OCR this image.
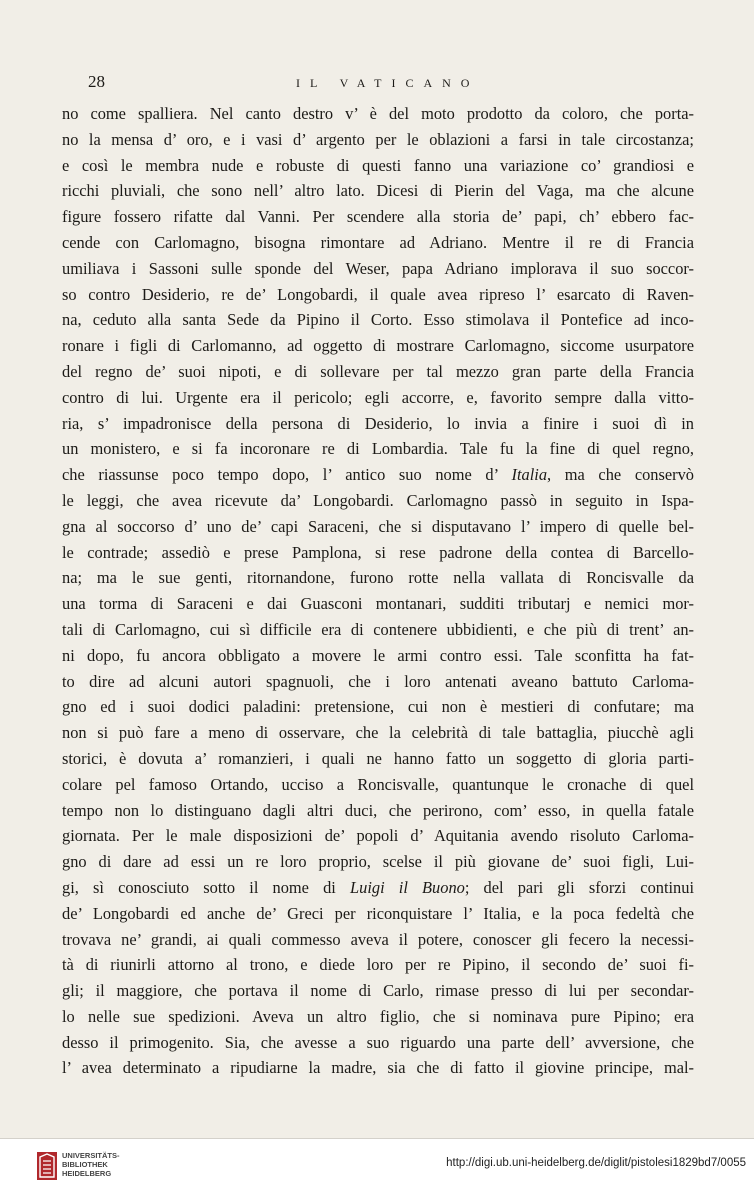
28	IL VATICANO
no come spalliera. Nel canto destro v’ è del moto prodotto da coloro, che porta-
no la mensa d’ oro, e i vasi d’ argento per le oblazioni a farsi in tale circostanza;
e così le membra nude e robuste di questi fanno una variazione co’ grandiosi e
ricchi pluviali, che sono nell’ altro lato. Dicesi di Pierin del Vaga, ma che alcune
figure fossero rifatte dal Vanni. Per scendere alla storia de’ papi, ch’ ebbero fac-
cende con Carlomagno, bisogna rimontare ad Adriano. Mentre il re di Francia
umiliava i Sassoni sulle sponde del Weser, papa Adriano implorava il suo soccor-
so contro Desiderio, re de’ Longobardi, il quale avea ripreso l’ esarcato di Raven-
na, ceduto alla santa Sede da Pipino il Corto. Esso stimolava il Pontefice ad inco-
ronare i figli di Carlomanno, ad oggetto di mostrare Carlomagno, siccome usurpatore
del regno de’ suoi nipoti, e di sollevare per tal mezzo gran parte della Francia
contro di lui. Urgente era il pericolo; egli accorre, e, favorito sempre dalla vitto-
ria, s’ impadronisce della persona di Desiderio, lo invia a finire i suoi dì in
un monistero, e si fa incoronare re di Lombardia. Tale fu la fine di quel regno,
che riassunse poco tempo dopo, l’ antico suo nome d’ Italia, ma che conservò
le leggi, che avea ricevute da’ Longobardi. Carlomagno passò in seguito in Ispa-
gna al soccorso d’ uno de’ capi Saraceni, che si disputavano l’ impero di quelle bel-
le contrade; assediò e prese Pamplona, si rese padrone della contea di Barcello-
na; ma le sue genti, ritornandone, furono rotte nella vallata di Roncisvalle da
una torma di Saraceni e dai Guasconi montanari, sudditi tributarj e nemici mor-
tali di Carlomagno, cui sì difficile era di contenere ubbidienti, e che più di trent’ an-
ni dopo, fu ancora obbligato a movere le armi contro essi. Tale sconfitta ha fat-
to dire ad alcuni autori spagnuoli, che i loro antenati aveano battuto Carloma-
gno ed i suoi dodici paladini: pretensione, cui non è mestieri di confutare; ma
non si può fare a meno di osservare, che la celebrità di tale battaglia, piucchè agli
storici, è dovuta a’ romanzieri, i quali ne hanno fatto un soggetto di gloria parti-
colare pel famoso Ortando, ucciso a Roncisvalle, quantunque le cronache di quel
tempo non lo distinguano dagli altri duci, che perirono, com’ esso, in quella fatale
giornata. Per le male disposizioni de’ popoli d’ Aquitania avendo risoluto Carloma-
gno di dare ad essi un re loro proprio, scelse il più giovane de’ suoi figli, Lui-
gi, sì conosciuto sotto il nome di Luigi il Buono; del pari gli sforzi continui
de’ Longobardi ed anche de’ Greci per riconquistare l’ Italia, e la poca fedeltà che
trovava ne’ grandi, ai quali commesso aveva il potere, conoscer gli fecero la necessi-
tà di riunirli attorno al trono, e diede loro per re Pipino, il secondo de’ suoi fi-
gli; il maggiore, che portava il nome di Carlo, rimase presso di lui per secondar-
lo nelle sue spedizioni. Aveva un altro figlio, che si nominava pure Pipino; era
desso il primogenito. Sia, che avesse a suo riguardo una parte dell’ avversione, che
l’ avea determinato a ripudiarne la madre, sia che di fatto il giovine principe, mal-
UNIVERSITÄTS-
BIBLIOTHEK
HEIDELBERG
http://digi.ub.uni-heidelberg.de/diglit/pistolesi1829bd7/0055
